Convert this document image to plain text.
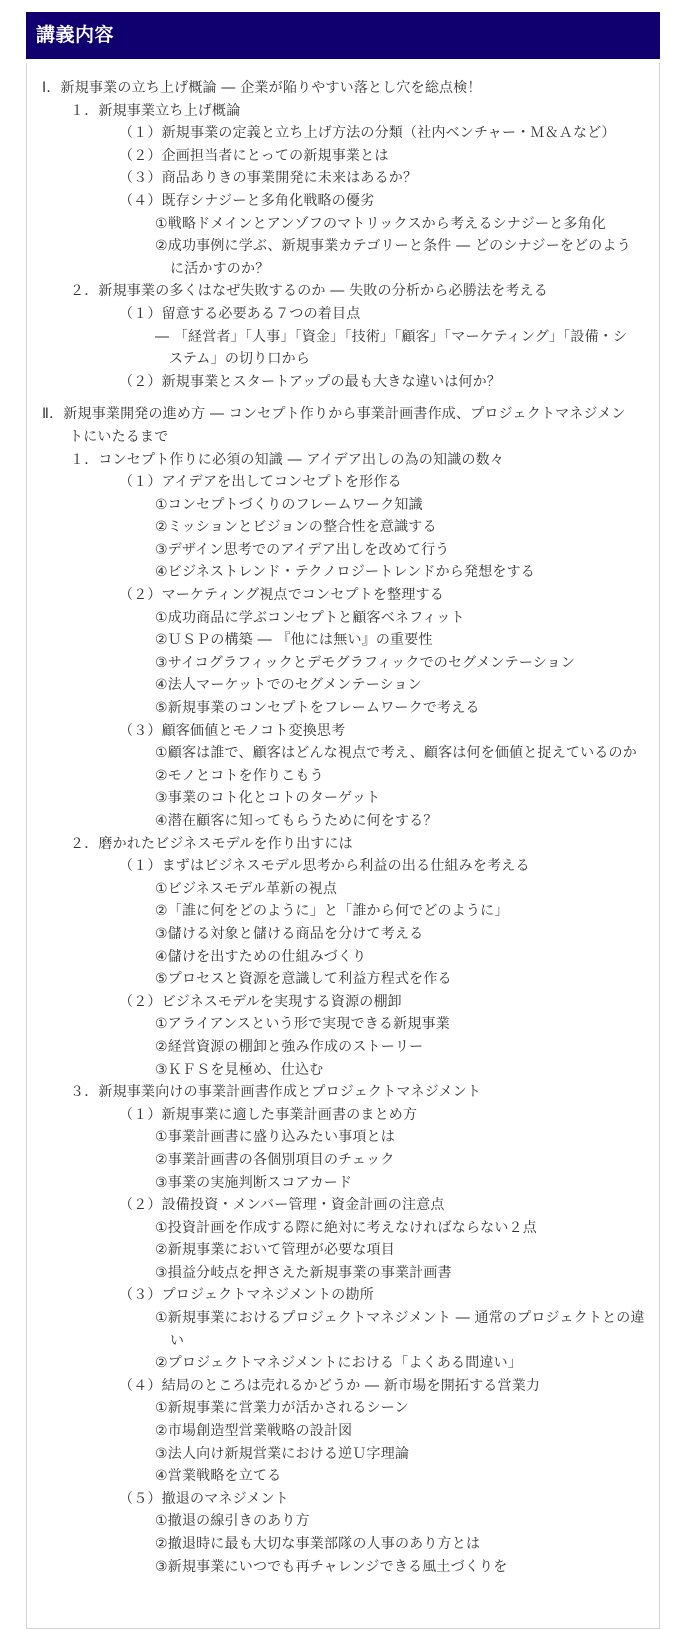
講義内容
Ⅰ．新規事業の立ち上げ概論 ― 企業が陥りやすい落とし穴を総点検！
１．新規事業立ち上げ概論
（１）新規事業の定義と立ち上げ方法の分類（社内ベンチャー・Ｍ＆Ａなど）
（２）企画担当者にとっての新規事業とは
（３）商品ありきの事業開発に未来はあるか？
（４）既存シナジーと多角化戦略の優劣
①戦略ドメインとアンゾフのマトリックスから考えるシナジーと多角化
②成功事例に学ぶ、新規事業カテゴリーと条件 ― どのシナジーをどのように活かすのか？
２．新規事業の多くはなぜ失敗するのか ― 失敗の分析から必勝法を考える
（１）留意する必要ある７つの着目点
― 「経営者」「人事」「資金」「技術」「顧客」「マーケティング」「設備・システム」の切り口から
（２）新規事業とスタートアップの最も大きな違いは何か？
Ⅱ．新規事業開発の進め方 ― コンセプト作りから事業計画書作成、プロジェクトマネジメントにいたるまで
１．コンセプト作りに必須の知識 ― アイデア出しの為の知識の数々
（１）アイデアを出してコンセプトを形作る
①コンセプトづくりのフレームワーク知識
②ミッションとビジョンの整合性を意識する
③デザイン思考でのアイデア出しを改めて行う
④ビジネストレンド・テクノロジートレンドから発想をする
（２）マーケティング視点でコンセプトを整理する
①成功商品に学ぶコンセプトと顧客ベネフィット
②ＵＳＰの構築 ― 『他には無い』の重要性
③サイコグラフィックとデモグラフィックでのセグメンテーション
④法人マーケットでのセグメンテーション
⑤新規事業のコンセプトをフレームワークで考える
（３）顧客価値とモノコト変換思考
①顧客は誰で、顧客はどんな視点で考え、顧客は何を価値と捉えているのか
②モノとコトを作りこもう
③事業のコト化とコトのターゲット
④潜在顧客に知ってもらうために何をする？
２．磨かれたビジネスモデルを作り出すには
（１）まずはビジネスモデル思考から利益の出る仕組みを考える
①ビジネスモデル革新の視点
②「誰に何をどのように」と「誰から何でどのように」
③儲ける対象と儲ける商品を分けて考える
④儲けを出すための仕組みづくり
⑤プロセスと資源を意識して利益方程式を作る
（２）ビジネスモデルを実現する資源の棚卸
①アライアンスという形で実現できる新規事業
②経営資源の棚卸と強み作成のストーリー
③ＫＦＳを見極め、仕込む
３．新規事業向けの事業計画書作成とプロジェクトマネジメント
（１）新規事業に適した事業計画書のまとめ方
①事業計画書に盛り込みたい事項とは
②事業計画書の各個別項目のチェック
③事業の実施判断スコアカード
（２）設備投資・メンバー管理・資金計画の注意点
①投資計画を作成する際に絶対に考えなければならない２点
②新規事業において管理が必要な項目
③損益分岐点を押さえた新規事業の事業計画書
（３）プロジェクトマネジメントの勘所
①新規事業におけるプロジェクトマネジメント ― 通常のプロジェクトとの違い
②プロジェクトマネジメントにおける「よくある間違い」
（４）結局のところは売れるかどうか ― 新市場を開拓する営業力
①新規事業に営業力が活かされるシーン
②市場創造型営業戦略の設計図
③法人向け新規営業における逆Ｕ字理論
④営業戦略を立てる
（５）撤退のマネジメント
①撤退の線引きのあり方
②撤退時に最も大切な事業部隊の人事のあり方とは
③新規事業にいつでも再チャレンジできる風土づくりを
